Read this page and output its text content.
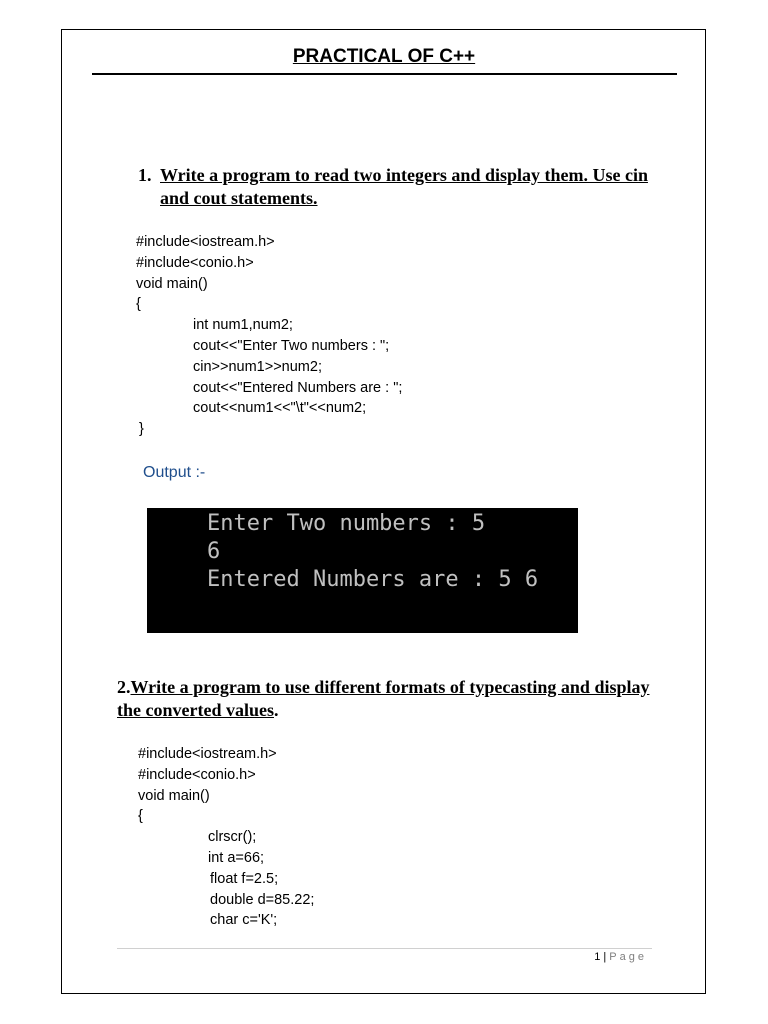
PRACTICAL OF C++
1. Write a program to read two integers and display them. Use cin and cout statements.
#include<iostream.h>
#include<conio.h>
void main()
{
int num1,num2;
cout<<"Enter Two numbers : ";
cin>>num1>>num2;
cout<<"Entered Numbers are : ";
cout<<num1<<"\t"<<num2;
}
Output :-
Enter Two numbers : 5
6
Entered Numbers are : 5 6
2.Write a program to use different formats of typecasting and display the converted values.
#include<iostream.h>
#include<conio.h>
void main()
{
clrscr();
int a=66;
float f=2.5;
double d=85.22;
char c='K';
1 | Page
